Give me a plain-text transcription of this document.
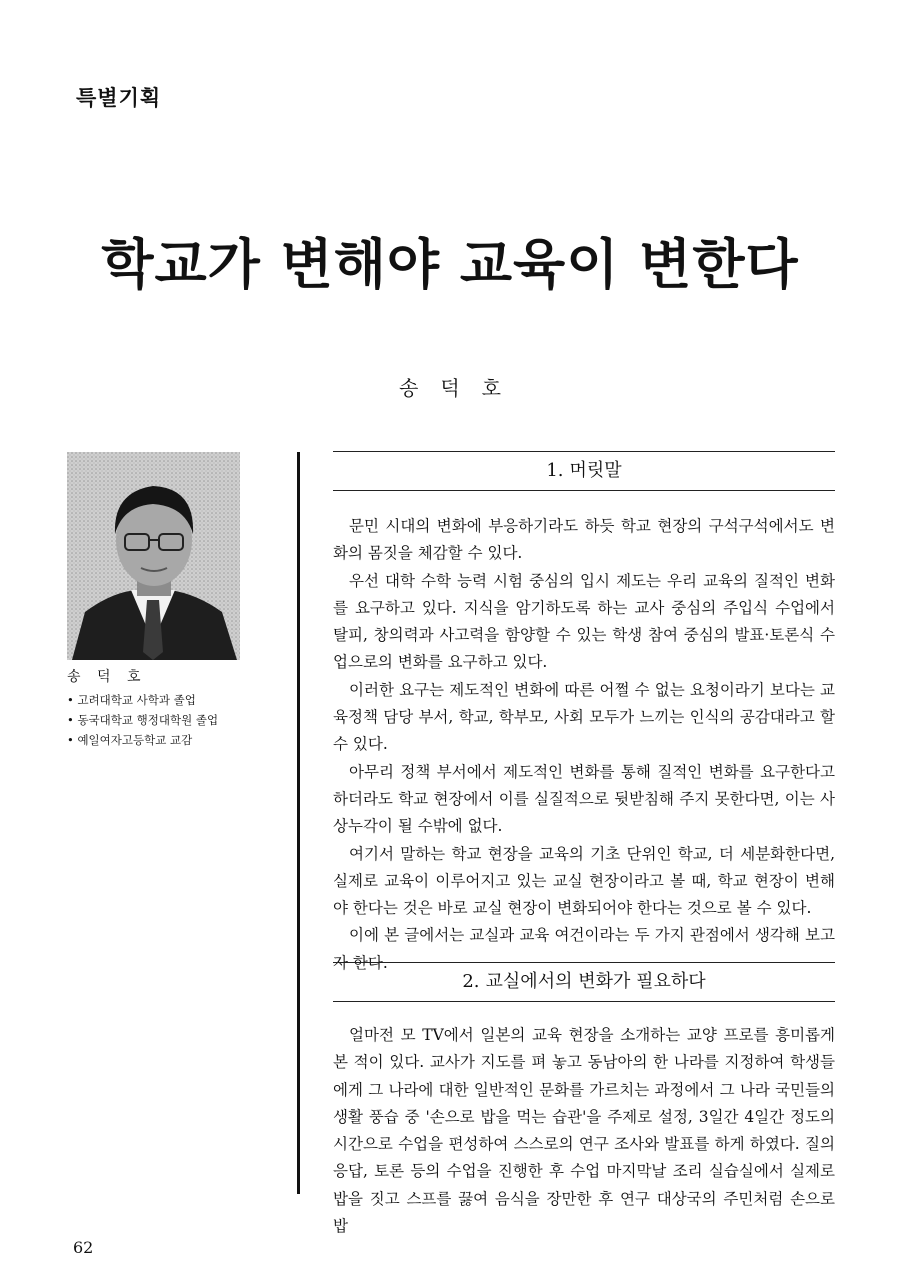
특별기획
학교가 변해야 교육이 변한다
송덕호
송 덕 호
• 고려대학교 사학과 졸업
• 동국대학교 행정대학원 졸업
• 예일여자고등학교 교감
1. 머릿말

문민 시대의 변화에 부응하기라도 하듯 학교 현장의 구석구석에서도 변화의 몸짓을 체감할 수 있다.

우선 대학 수학 능력 시험 중심의 입시 제도는 우리 교육의 질적인 변화를 요구하고 있다. 지식을 암기하도록 하는 교사 중심의 주입식 수업에서 탈피, 창의력과 사고력을 함양할 수 있는 학생 참여 중심의 발표·토론식 수업으로의 변화를 요구하고 있다.

이러한 요구는 제도적인 변화에 따른 어쩔 수 없는 요청이라기 보다는 교육정책 담당 부서, 학교, 학부모, 사회 모두가 느끼는 인식의 공감대라고 할 수 있다.

아무리 정책 부서에서 제도적인 변화를 통해 질적인 변화를 요구한다고 하더라도 학교 현장에서 이를 실질적으로 뒷받침해 주지 못한다면, 이는 사상누각이 될 수밖에 없다.

여기서 말하는 학교 현장을 교육의 기초 단위인 학교, 더 세분화한다면, 실제로 교육이 이루어지고 있는 교실 현장이라고 볼 때, 학교 현장이 변해야 한다는 것은 바로 교실 현장이 변화되어야 한다는 것으로 볼 수 있다.

이에 본 글에서는 교실과 교육 여건이라는 두 가지 관점에서 생각해 보고자 한다.

2. 교실에서의 변화가 필요하다

얼마전 모 TV에서 일본의 교육 현장을 소개하는 교양 프로를 흥미롭게 본 적이 있다. 교사가 지도를 펴 놓고 동남아의 한 나라를 지정하여 학생들에게 그 나라에 대한 일반적인 문화를 가르치는 과정에서 그 나라 국민들의 생활 풍습 중 '손으로 밥을 먹는 습관'을 주제로 설정, 3일간 4일간 정도의 시간으로 수업을 편성하여 스스로의 연구 조사와 발표를 하게 하였다. 질의응답, 토론 등의 수업을 진행한 후 수업 마지막날 조리 실습실에서 실제로 밥을 짓고 스프를 끓여 음식을 장만한 후 연구 대상국의 주민처럼 손으로 밥

62
